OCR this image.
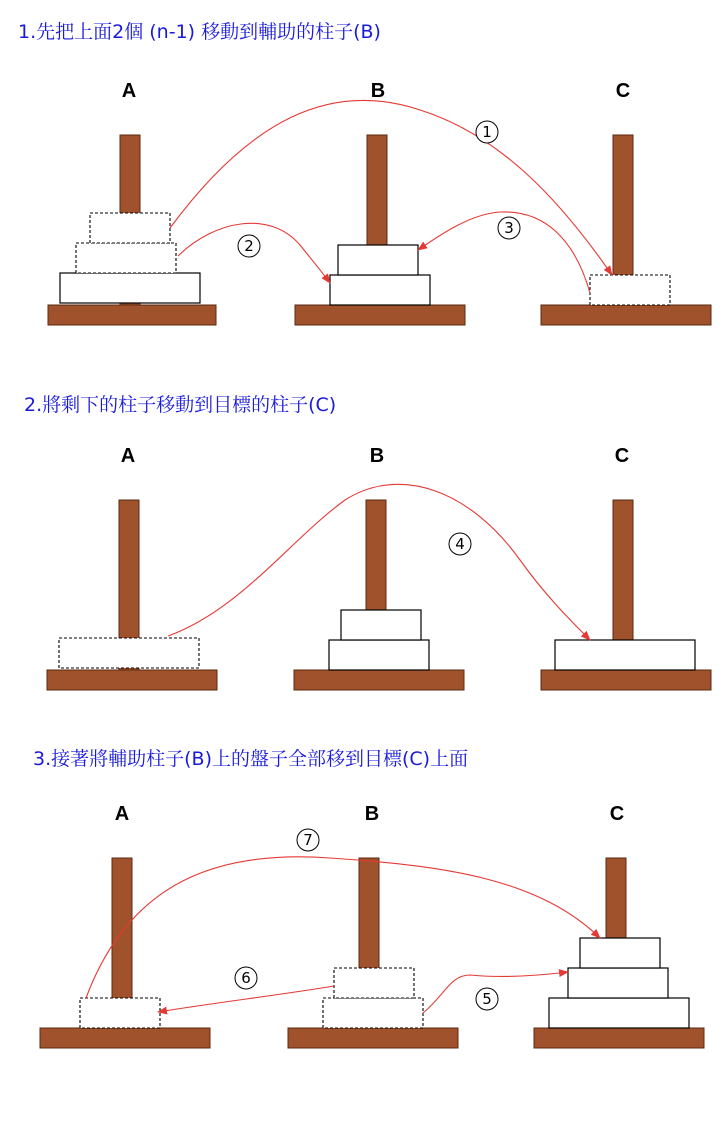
1.先把上面2個 (n-1) 移動到輔助的柱子(B)
A	B	C
1
2
3
2.將剩下的柱子移動到目標的柱子(C)
A	B	C
4
3.接著將輔助柱子(B)上的盤子全部移到目標(C)上面
A	B	C
7
6
5
